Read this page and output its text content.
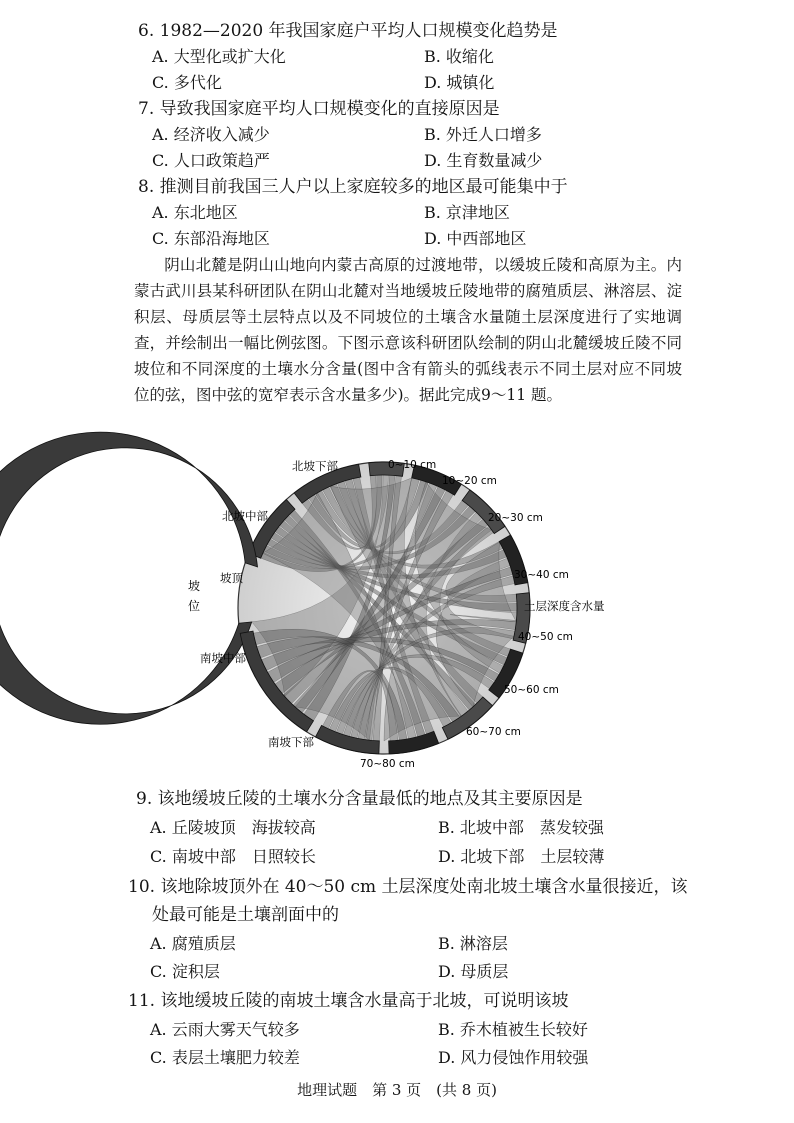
6. 1982—2020 年我国家庭户平均人口规模变化趋势是
A. 大型化或扩大化	B. 收缩化
C. 多代化	D. 城镇化
7. 导致我国家庭平均人口规模变化的直接原因是
A. 经济收入减少	B. 外迁人口增多
C. 人口政策趋严	D. 生育数量减少
8. 推测目前我国三人户以上家庭较多的地区最可能集中于
A. 东北地区	B. 京津地区
C. 东部沿海地区	D. 中西部地区
阴山北麓是阴山山地向内蒙古高原的过渡地带，以缓坡丘陵和高原为主。内蒙古武川县某科研团队在阴山北麓对当地缓坡丘陵地带的腐殖质层、淋溶层、淀积层、母质层等土层特点以及不同坡位的土壤含水量随土层深度进行了实地调查，并绘制出一幅比例弦图。下图示意该科研团队绘制的阴山北麓缓坡丘陵不同坡位和不同深度的土壤水分含量(图中含有箭头的弧线表示不同土层对应不同坡位的弦，图中弦的宽窄表示含水量多少)。据此完成9～11 题。
北坡下部
北坡中部
坡顶
南坡中部
南坡下部
0~10 cm
10~20 cm
20~30 cm
30~40 cm
40~50 cm
50~60 cm
60~70 cm
70~80 cm
坡
位	土层深度含水量
9. 该地缓坡丘陵的土壤水分含量最低的地点及其主要原因是
A. 丘陵坡顶　海拔较高	B. 北坡中部　蒸发较强
C. 南坡中部　日照较长	D. 北坡下部　土层较薄
10. 该地除坡顶外在 40～50 cm 土层深度处南北坡土壤含水量很接近，该
处最可能是土壤剖面中的
A. 腐殖质层	B. 淋溶层
C. 淀积层	D. 母质层
11. 该地缓坡丘陵的南坡土壤含水量高于北坡，可说明该坡
A. 云雨大雾天气较多	B. 乔木植被生长较好
C. 表层土壤肥力较差	D. 风力侵蚀作用较强
地理试题　第 3 页　(共 8 页)
